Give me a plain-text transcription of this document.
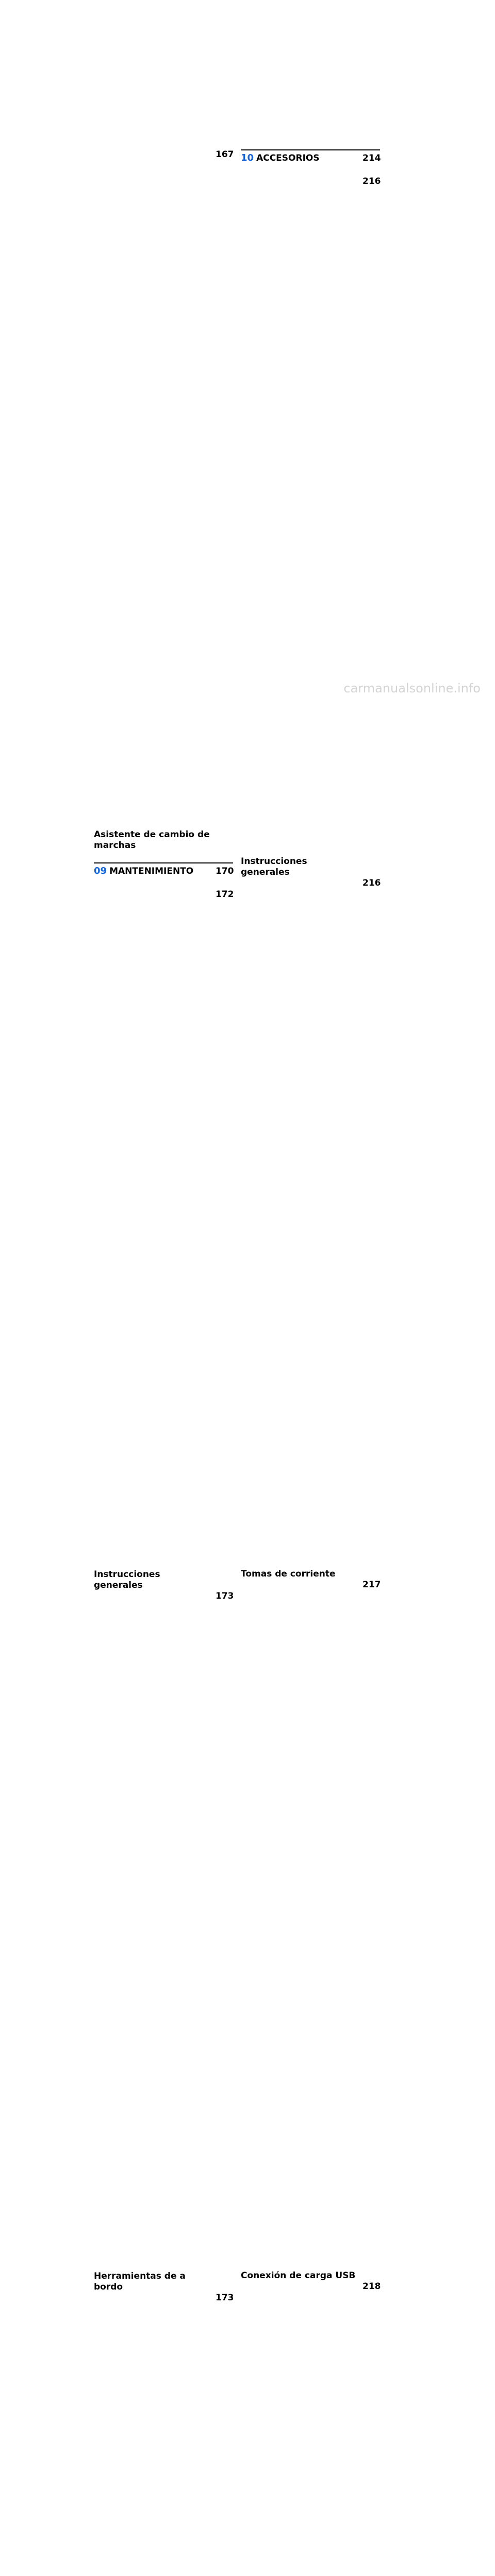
Asistente de cambio de marchas
167
09 MANTENIMIENTO	170
Instrucciones generales
172
Herramientas de a bordo
173
173
10 ACCESORIOS	214
Instrucciones generales
216
Tomas de corriente
216
Conexión de carga USB
217
218
carmanualsonline.info
